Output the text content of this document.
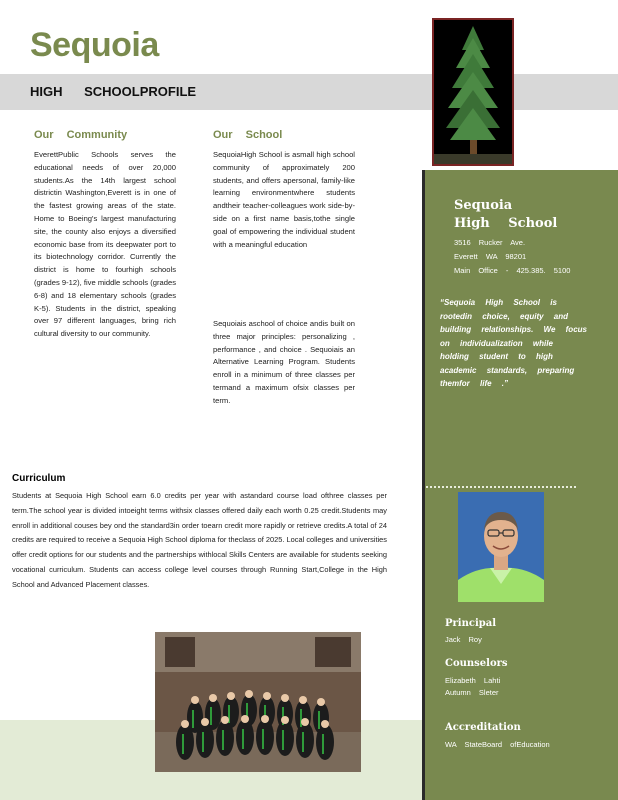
Sequoia
HIGH SCHOOLPROFILE
Our Community
EverettPublic Schools serves the educational needs of over 20,000 students.As the 14th largest school districtin Washington,Everett is in one of the fastest growing areas of the state. Home to Boeing's largest manufacturing site, the county also enjoys a diversified economic base from its deepwater port to its biotechnology corridor. Currently the district is home to fourhigh schools (grades 9-12), five middle schools (grades 6-8) and 18 elementary schools (grades K-5). Students in the district, speaking over 97 different languages, bring rich cultural diversity to our community.
Our School
SequoiaHigh School is asmall high school community of approximately 200 students, and offers apersonal, family-like learning environmentwhere students andtheir teacher-colleagues work side-by-side on a first name basis,tothe single goal of empowering the individual student with a meaningful education
Sequoiais aschool of choice andis built on three major principles: personalizing , performance , and choice . Sequoiais an Alternative Learning Program. Students enroll in a minimum of three classes per termand a maximum ofsix classes per term.
Curriculum
Students at Sequoia High School earn 6.0 credits per year with astandard course load ofthree classes per term.The school year is divided intoeight terms withsix classes offered daily each worth 0.25 credit.Students may enroll in additional couses bey ond the standard3in order toearn credit more rapidly or retrieve credits.A total of 24 credits are required to receive a Sequoia High School diploma for theclass of 2025. Local colleges and universities offer credit options for our students and the partnerships withlocal Skills Centers are available for students seeking vocational curriculum. Students can access college level courses through Running Start,College in the High School and Advanced Placement classes.
Sequoia
High School
3516 Rucker Ave.
Everett WA 98201
Main Office - 425.385. 5100
“Sequoia High School is rootedin choice, equity and building relationships. We focus on individualization while holding student to high academic standards, preparing themfor life .”
Principal
Jack Roy
Counselors
Elizabeth Lahti
Autumn Sleter
Accreditation
WA StateBoard ofEducation
